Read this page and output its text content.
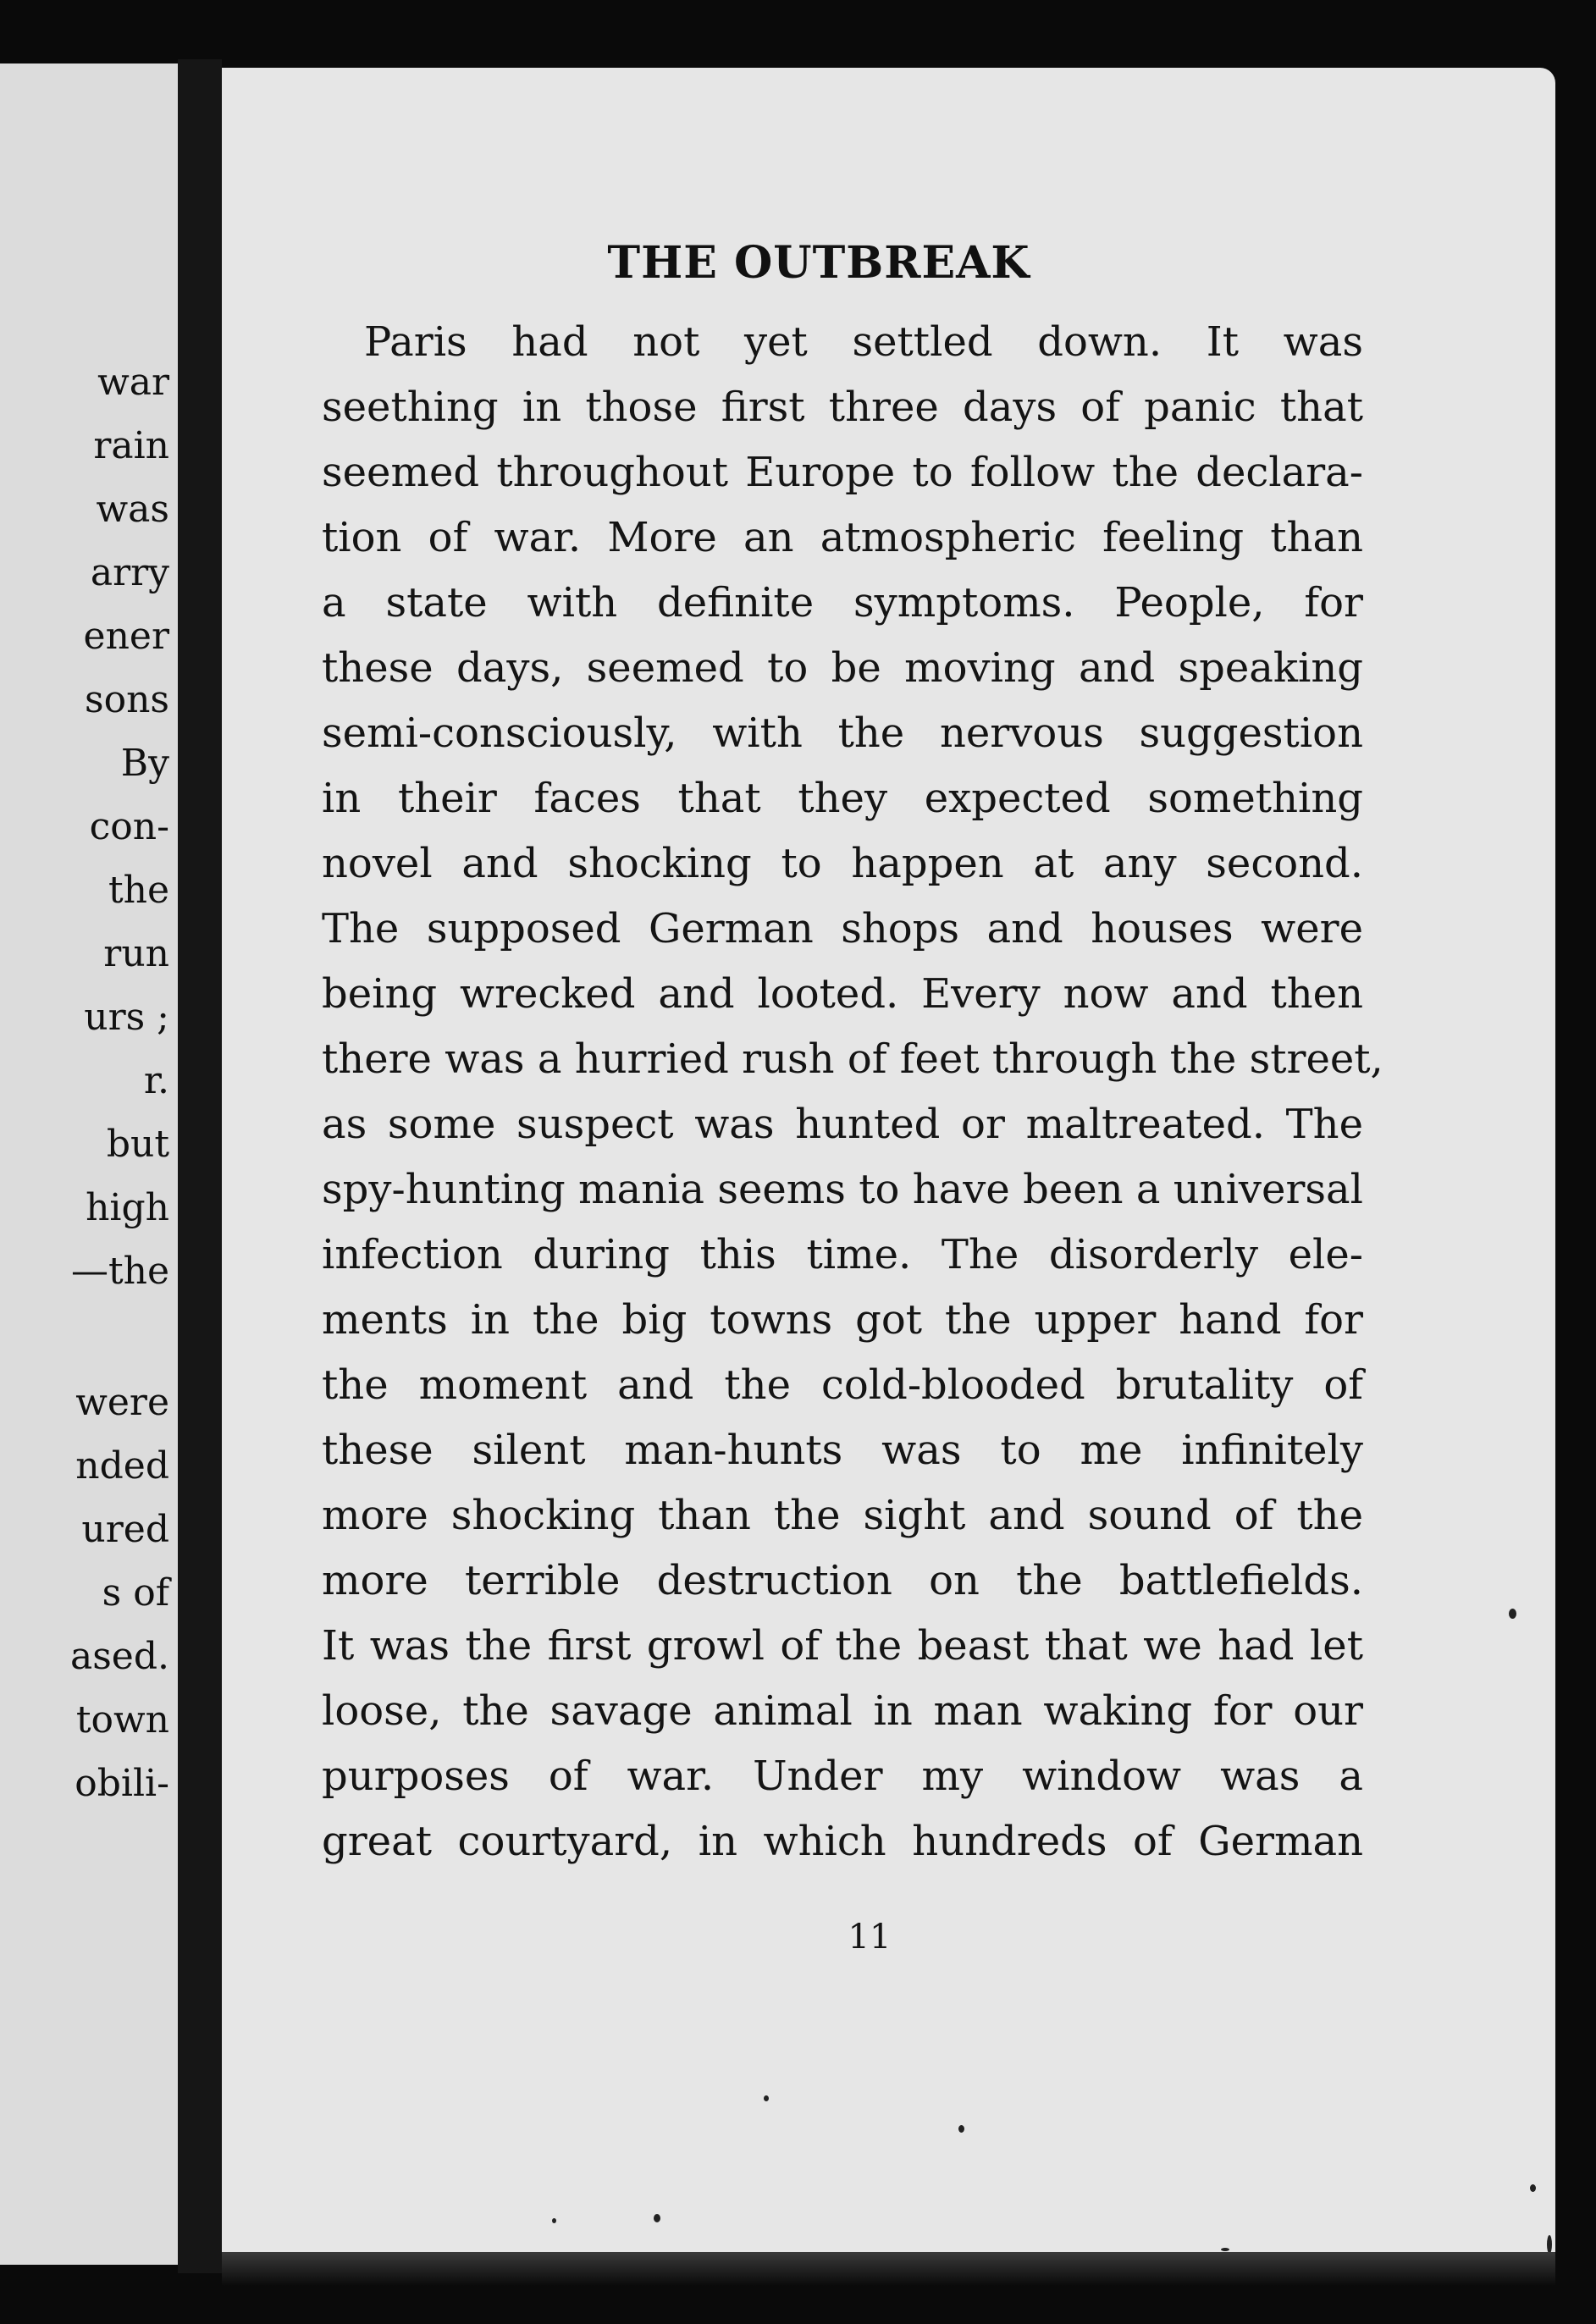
war
rain
was
arry
ener
sons
By
con-
the
run
urs ;
r.
but
high
—the
were
nded
ured
s of
ased.
town
obili-
THE OUTBREAK
Paris had not yet settled down. It was
seething in those first three days of panic that
seemed throughout Europe to follow the declara-
tion of war. More an atmospheric feeling than
a state with definite symptoms. People, for
these days, seemed to be moving and speaking
semi-consciously, with the nervous suggestion
in their faces that they expected something
novel and shocking to happen at any second.
The supposed German shops and houses were
being wrecked and looted. Every now and then
there was a hurried rush of feet through the street,
as some suspect was hunted or maltreated. The
spy-hunting mania seems to have been a universal
infection during this time. The disorderly ele-
ments in the big towns got the upper hand for
the moment and the cold-blooded brutality of
these silent man-hunts was to me infinitely
more shocking than the sight and sound of the
more terrible destruction on the battlefields.
It was the first growl of the beast that we had let
loose, the savage animal in man waking for our
purposes of war. Under my window was a
great courtyard, in which hundreds of German
11
